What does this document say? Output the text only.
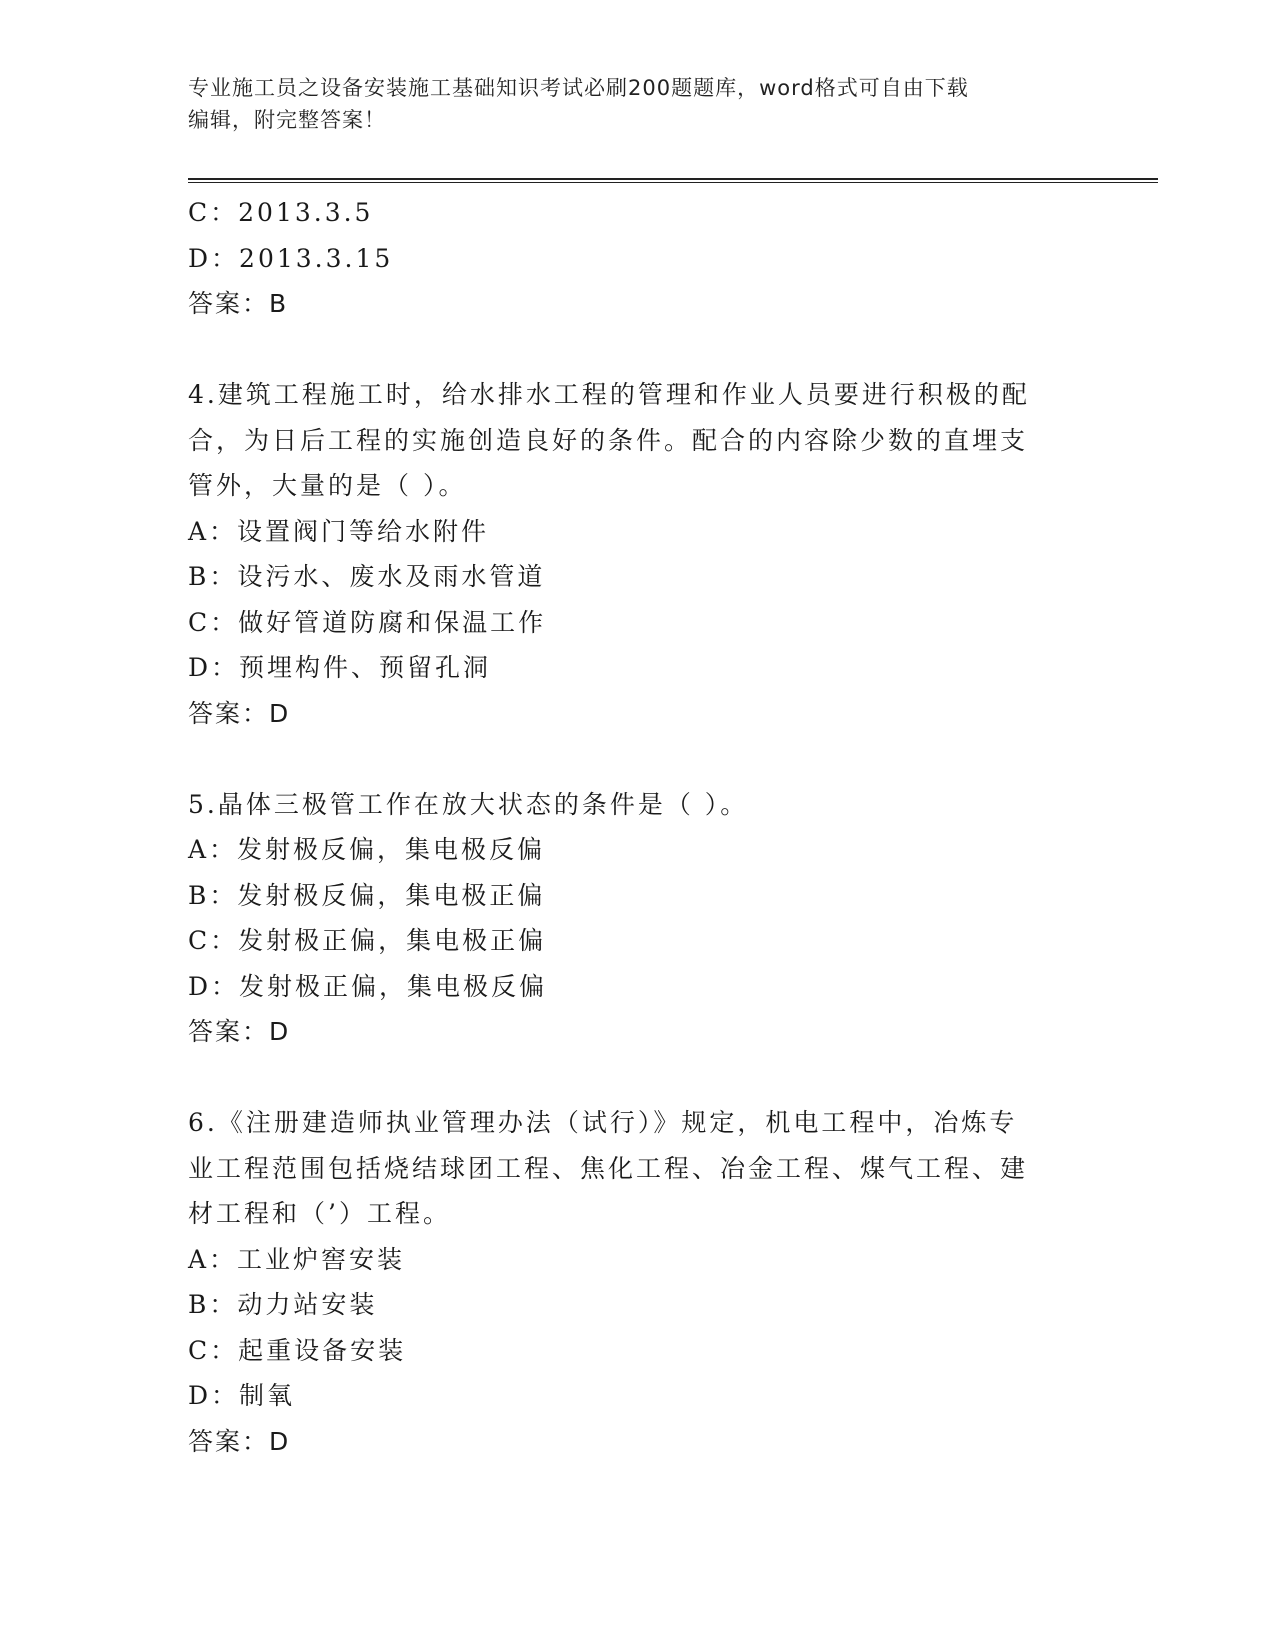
专业施工员之设备安装施工基础知识考试必刷200题题库，word格式可自由下载
编辑，附完整答案！
C：2013.3.5
D：2013.3.15
答案：B
4.建筑工程施工时，给水排水工程的管理和作业人员要进行积极的配
合，为日后工程的实施创造良好的条件。配合的内容除少数的直埋支
管外，大量的是（ ）。
A：设置阀门等给水附件
B：设污水、废水及雨水管道
C：做好管道防腐和保温工作
D：预埋构件、预留孔洞
答案：D
5.晶体三极管工作在放大状态的条件是（ ）。
A：发射极反偏，集电极反偏
B：发射极反偏，集电极正偏
C：发射极正偏，集电极正偏
D：发射极正偏，集电极反偏
答案：D
6.《注册建造师执业管理办法（试行）》规定，机电工程中，冶炼专
业工程范围包括烧结球团工程、焦化工程、冶金工程、煤气工程、建
材工程和（’）工程。
A：工业炉窖安装
B：动力站安装
C：起重设备安装
D：制氧
答案：D
